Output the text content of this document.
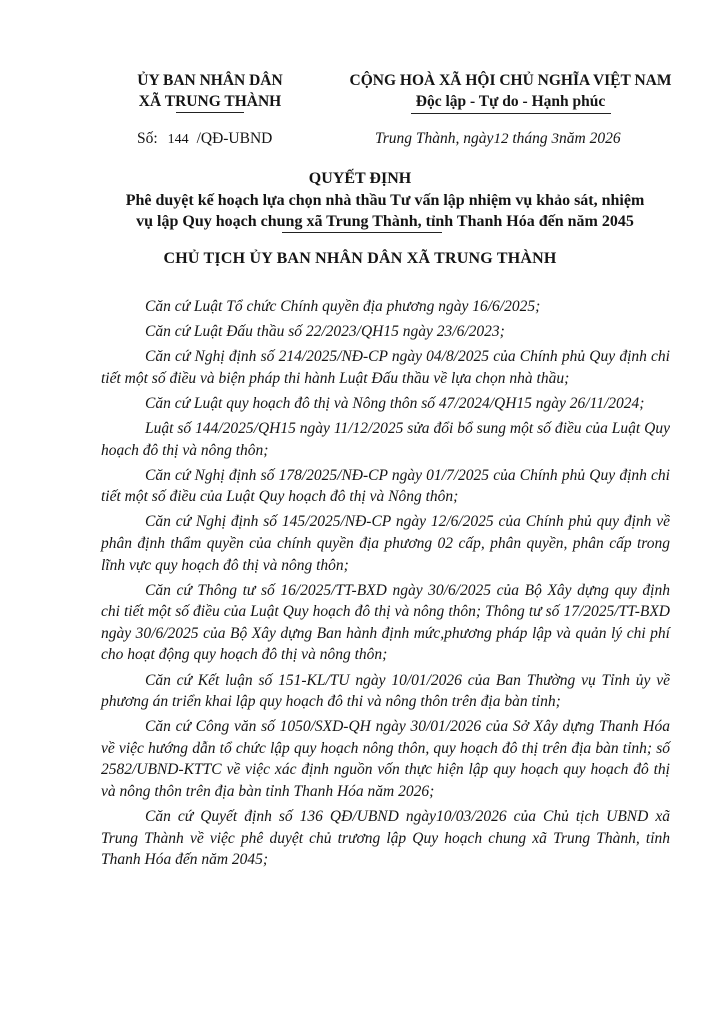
ỦY BAN NHÂN DÂN
XÃ TRUNG THÀNH
CỘNG HOÀ XÃ HỘI CHỦ NGHĨA VIỆT NAM
Độc lập - Tự do - Hạnh phúc
Số: 144 /QĐ-UBND	Trung Thành, ngày12 tháng 3năm 2026
QUYẾT ĐỊNH
Phê duyệt kế hoạch lựa chọn nhà thầu Tư vấn lập nhiệm vụ khảo sát, nhiệm
vụ lập Quy hoạch chung xã Trung Thành, tỉnh Thanh Hóa đến năm 2045
CHỦ TỊCH ỦY BAN NHÂN DÂN XÃ TRUNG THÀNH

Căn cứ Luật Tổ chức Chính quyền địa phương ngày 16/6/2025;

Căn cứ Luật Đấu thầu số 22/2023/QH15 ngày 23/6/2023;

Căn cứ Nghị định số 214/2025/NĐ-CP ngày 04/8/2025 của Chính phủ Quy định chi tiết một số điều và biện pháp thi hành Luật Đấu thầu về lựa chọn nhà thầu;

Căn cứ Luật quy hoạch đô thị và Nông thôn số 47/2024/QH15 ngày 26/11/2024;

Luật số 144/2025/QH15 ngày 11/12/2025 sửa đổi bổ sung một số điều của Luật Quy hoạch đô thị và nông thôn;

Căn cứ Nghị định số 178/2025/NĐ-CP ngày 01/7/2025 của Chính phủ Quy định chi tiết một số điều của Luật Quy hoạch đô thị và Nông thôn;

Căn cứ Nghị định số 145/2025/NĐ-CP ngày 12/6/2025 của Chính phủ quy định về phân định thẩm quyền của chính quyền địa phương 02 cấp, phân quyền, phân cấp trong lĩnh vực quy hoạch đô thị và nông thôn;

Căn cứ Thông tư số 16/2025/TT-BXD ngày 30/6/2025 của Bộ Xây dựng quy định chi tiết một số điều của Luật Quy hoạch đô thị và nông thôn; Thông tư số 17/2025/TT-BXD ngày 30/6/2025 của Bộ Xây dựng Ban hành định mức,phương pháp lập và quản lý chi phí cho hoạt động quy hoạch đô thị và nông thôn;

Căn cứ Kết luận số 151-KL/TU ngày 10/01/2026 của Ban Thường vụ Tỉnh ủy về phương án triển khai lập quy hoạch đô thi và nông thôn trên địa bàn tỉnh;

Căn cứ Công văn số 1050/SXD-QH ngày 30/01/2026 của Sở Xây dựng Thanh Hóa về việc hướng dẫn tổ chức lập quy hoạch nông thôn, quy hoạch đô thị trên địa bàn tỉnh; số 2582/UBND-KTTC về việc xác định nguồn vốn thực hiện lập quy hoạch quy hoạch đô thị và nông thôn trên địa bàn tỉnh Thanh Hóa năm 2026;

Căn cứ Quyết định số 136 QĐ/UBND ngày10/03/2026 của Chủ tịch UBND xã Trung Thành về việc phê duyệt chủ trương lập Quy hoạch chung xã Trung Thành, tỉnh Thanh Hóa đến năm 2045;
